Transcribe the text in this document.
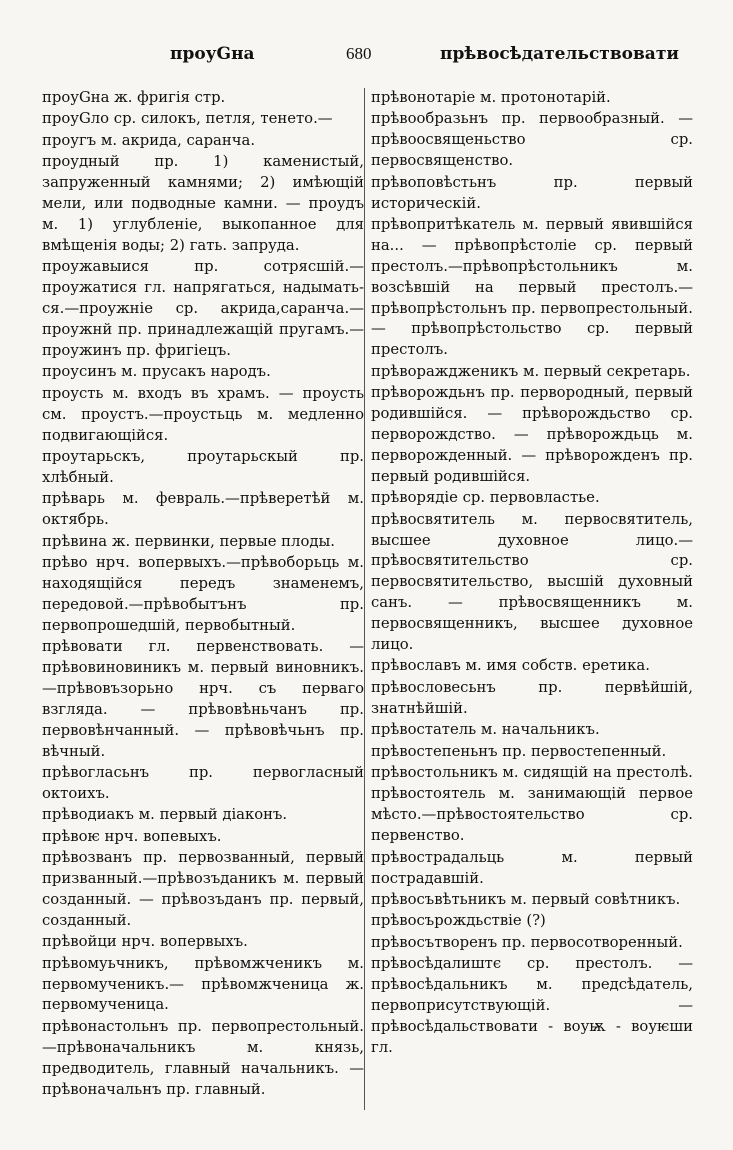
проуGна	680	прѣвосѣдательствовати
проуGна ж. фригія стр.
проуGло ср. силокъ, петля, тенето.—
проугъ м. акрида, саранча.
проудный пр. 1) каменистый, запруженный камнями; 2) имѣющій мели, или подводные камни. — проудъ м. 1) углубленіе, выкопанное для вмѣщенія воды; 2) гать. запруда.
проужавыися пр. сотрясшій.—проужатися гл. напрягаться, надымать-ся.—проужніе ср. акрида,саранча.—проужнй пр. принадлежащій пругамъ.—проужинъ пр. фригіецъ.
проусинъ м. прусакъ народъ.
проусть м. входъ въ храмъ. — проусть см. проустъ.—проустьць м. медленно подвигающійся.
проутарьскъ, проутарьскый пр. хлѣбный.
прѣварь м. февраль.—прѣверетѣй м. октябрь.
прѣвина ж. первинки, первые плоды.
прѣво нрч. вопервыхъ.—прѣвоборьць м. находящійся передъ знаменемъ, передовой.—прѣвобытънъ пр. первопрошедшій, первобытный.
прѣвовати гл. первенствовать. — прѣвовиновиникъ м. первый виновникъ.—прѣвовъзорьно нрч. съ перваго взгляда. — прѣвовѣньчанъ пр. первовѣнчанный. — прѣвовѣчьнъ пр. вѣчный.
прѣвогласьнъ пр. первогласный октоихъ.
прѣводиакъ м. первый діаконъ.
прѣвоѥ нрч. вопевыхъ.
прѣвозванъ пр. первозванный, первый призванный.—прѣвозъданикъ м. первый созданный. — прѣвозъданъ пр. первый, созданный.
прѣвойци нрч. вопервыхъ.
прѣвомуьчникъ, прѣвомжченикъ м. первомученикъ.— прѣвомжченица ж. первомученица.
прѣвонастольнъ пр. первопрестольный.—прѣвоначальникъ м. князь, предводитель, главный начальникъ. —прѣвоначальнъ пр. главный.
прѣвонотаріе м. протонотарій.
прѣвообразьнъ пр. первообразный. — прѣвоосвященьство ср. первосвященство.
прѣвоповѣстьнъ пр. первый историческій.
прѣвопритѣкатель м. первый явившійся на... — прѣвопрѣстоліе ср. первый престолъ.—прѣвопрѣстольникъ м. возсѣвшій на первый престолъ.—прѣвопрѣстольнъ пр. первопрестольный. — прѣвопрѣстольство ср. первый престолъ.
прѣвораждженикъ м. первый секретарь.
прѣворождьнъ пр. первородный, первый родившійся. — прѣворождьство ср. перворождство. — прѣворождьць м. перворожденный. — прѣворожденъ пр. первый родившійся.
прѣворядіе ср. первовластье.
прѣвосвятитель м. первосвятитель, высшее духовное лицо.—прѣвосвятительство ср. первосвятительство, высшій духовный санъ. — прѣвосвященникъ м. первосвященникъ, высшее духовное лицо.
прѣвославъ м. имя собств. еретика.
прѣвословесьнъ пр. первѣйшій, знатнѣйшій.
прѣвостатель м. начальникъ.
прѣвостепеньнъ пр. первостепенный.
прѣвостольникъ м. сидящій на престолѣ.
прѣвостоятель м. занимающій первое мѣсто.—прѣвостоятельство ср. первенство.
прѣвострадальць м. первый пострадавшій.
прѣвосъвѣтьникъ м. первый совѣтникъ.
прѣвосърождьствіе (?)
прѣвосътворенъ пр. первосотворенный.
прѣвосѣдалиштє ср. престолъ. — прѣвосѣдальникъ м. предсѣдатель, первоприсутствующій. — прѣвосѣдальствовати - воуѭ - воуѥши гл.
